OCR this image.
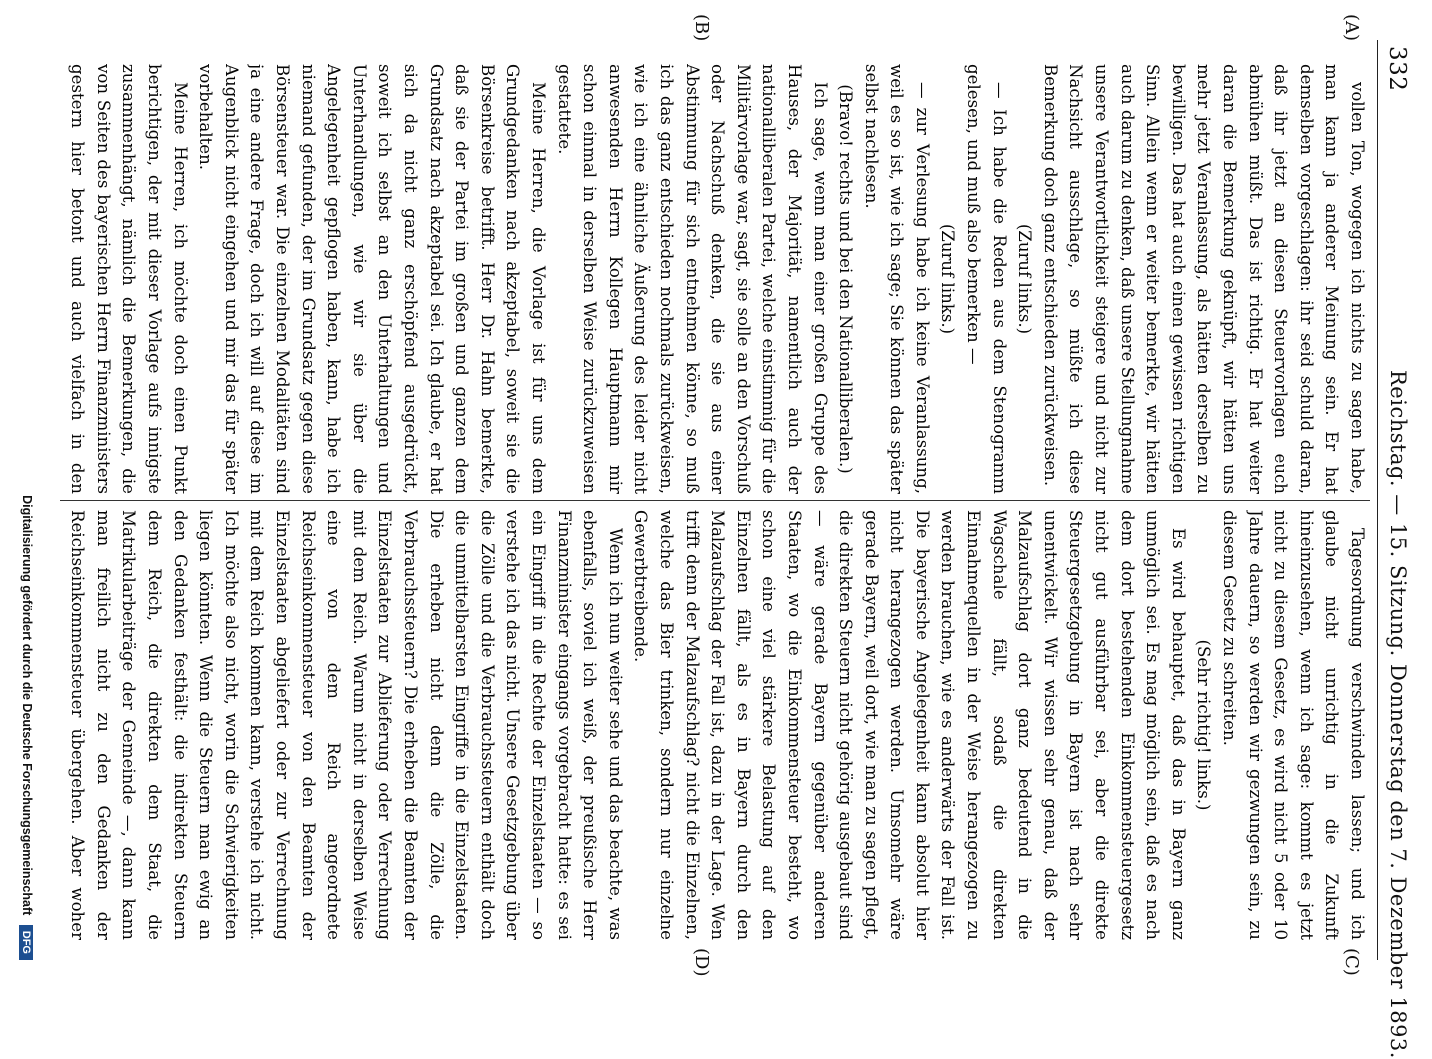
332
Reichstag. — 15. Sitzung. Donnerstag den 7. Dezember 1893.
(A)
(B)
(C)
(D)

vollen Ton, wogegen ich nichts zu sagen habe, man kann ja anderer Meinung sein. Er hat demselben vorgeschlagen: ihr seid schuld daran, daß ihr jetzt an diesen Steuervorlagen euch abmühen müßt. Das ist richtig. Er hat weiter daran die Bemerkung geknüpft, wir hätten uns mehr jetzt Veranlassung, als hätten derselben zu bewilligen. Das hat auch einen gewissen richtigen Sinn. Allein wenn er weiter bemerkte, wir hätten auch darum zu denken, daß unsere Stellungnahme unsere Verantwortlichkeit steigere und nicht zur Nachsicht ausschlage, so müßte ich diese Bemerkung doch ganz entschieden zurückweisen.

(Zuruf links.)

— Ich habe die Reden aus dem Stenogramm gelesen, und muß also bemerken —

(Zuruf links.)

— zur Verlesung habe ich keine Veranlassung, weil es so ist, wie ich sage; Sie können das später selbst nachlesen.

(Bravo! rechts und bei den Nationalliberalen.)

Ich sage, wenn man einer großen Gruppe des Hauses, der Majorität, namentlich auch der nationalliberalen Partei, welche einstimmig für die Militärvorlage war, sagt, sie solle an den Vorschuß oder Nachschuß denken, die sie aus einer Abstimmung für sich entnehmen könne, so muß ich das ganz entschieden nochmals zurückweisen, wie ich eine ähnliche Äußerung des leider nicht anwesenden Herrn Kollegen Hauptmann mir schon einmal in derselben Weise zurückzuweisen gestattete.

Meine Herren, die Vorlage ist für uns dem Grundgedanken nach akzeptabel, soweit sie die Börsenkreise betrifft. Herr Dr. Hahn bemerkte, daß sie der Partei im großen und ganzen dem Grundsatz nach akzeptabel sei. Ich glaube, er hat sich da nicht ganz erschöpfend ausgedrückt, soweit ich selbst an den Unterhaltungen und Unterhandlungen, wie wir sie über die Angelegenheit gepflogen haben, kann, habe ich niemand gefunden, der im Grundsatz gegen diese Börsensteuer war. Die einzelnen Modalitäten sind ja eine andere Frage, doch ich will auf diese im Augenblick nicht eingehen und mir das für später vorbehalten.

Meine Herren, ich möchte doch einen Punkt berichtigen, der mit dieser Vorlage aufs innigste zusammenhängt, nämlich die Bemerkungen, die von Seiten des bayerischen Herrn Finanzministers gestern hier betont und auch vielfach in den

Tagesordnung verschwinden lassen; und ich glaube nicht unrichtig in die Zukunft hineinzusehen, wenn ich sage: kommt es jetzt nicht zu diesem Gesetz, es wird nicht 5 oder 10 Jahre dauern, so werden wir gezwungen sein, zu diesem Gesetz zu schreiten.

(Sehr richtig! links.)

Es wird behauptet, daß das in Bayern ganz unmöglich sei. Es mag möglich sein, daß es nach dem dort bestehenden Einkommensteuergesetz nicht gut ausführbar sei, aber die direkte Steuergesetzgebung in Bayern ist nach sehr unentwickelt. Wir wissen sehr genau, daß der Malzaufschlag dort ganz bedeutend in die Wagschale fällt, sodaß die direkten Einnahmequellen in der Weise herangezogen zu werden brauchen, wie es anderwärts der Fall ist. Die bayerische Angelegenheit kann absolut hier nicht herangezogen werden. Umsomehr wäre gerade Bayern, weil dort, wie man zu sagen pflegt, die direkten Steuern nicht gehörig ausgebaut sind — wäre gerade Bayern gegenüber anderen Staaten, wo die Einkommensteuer besteht, wo schon eine viel stärkere Belastung auf den Einzelnen fällt, als es in Bayern durch den Malzaufschlag der Fall ist, dazu in der Lage. Wen trifft denn der Malzaufschlag? nicht die Einzelnen, welche das Bier trinken, sondern nur einzelne Gewerbtreibende.

Wenn ich nun weiter sehe und das beachte, was ebenfalls, soviel ich weiß, der preußische Herr Finanzminister eingangs vorgebracht hatte: es sei ein Eingriff in die Rechte der Einzelstaaten — so verstehe ich das nicht. Unsere Gesetzgebung über die Zölle und die Verbrauchssteuern enthält doch die unmittelbarsten Eingriffe in die Einzelstaaten. Die erheben nicht denn die Zölle, die Verbrauchssteuern? Die erheben die Beamten der Einzelstaaten zur Ablieferung oder Verrechnung mit dem Reich. Warum nicht in derselben Weise eine von dem Reich angeordnete Reichseinkommensteuer von den Beamten der Einzelstaaten abgeliefert oder zur Verrechnung mit dem Reich kommen kann, verstehe ich nicht. Ich möchte also nicht, worin die Schwierigkeiten liegen könnten. Wenn die Steuern man ewig an den Gedanken festhält: die indirekten Steuern dem Reich, die direkten dem Staat, die Matrikularbeiträge der Gemeinde —, dann kann man freilich nicht zu den Gedanken der Reichseinkommensteuer übergehen. Aber woher

Digitalisierung gefördert durch die Deutsche Forschungsgemeinschaft DFG
